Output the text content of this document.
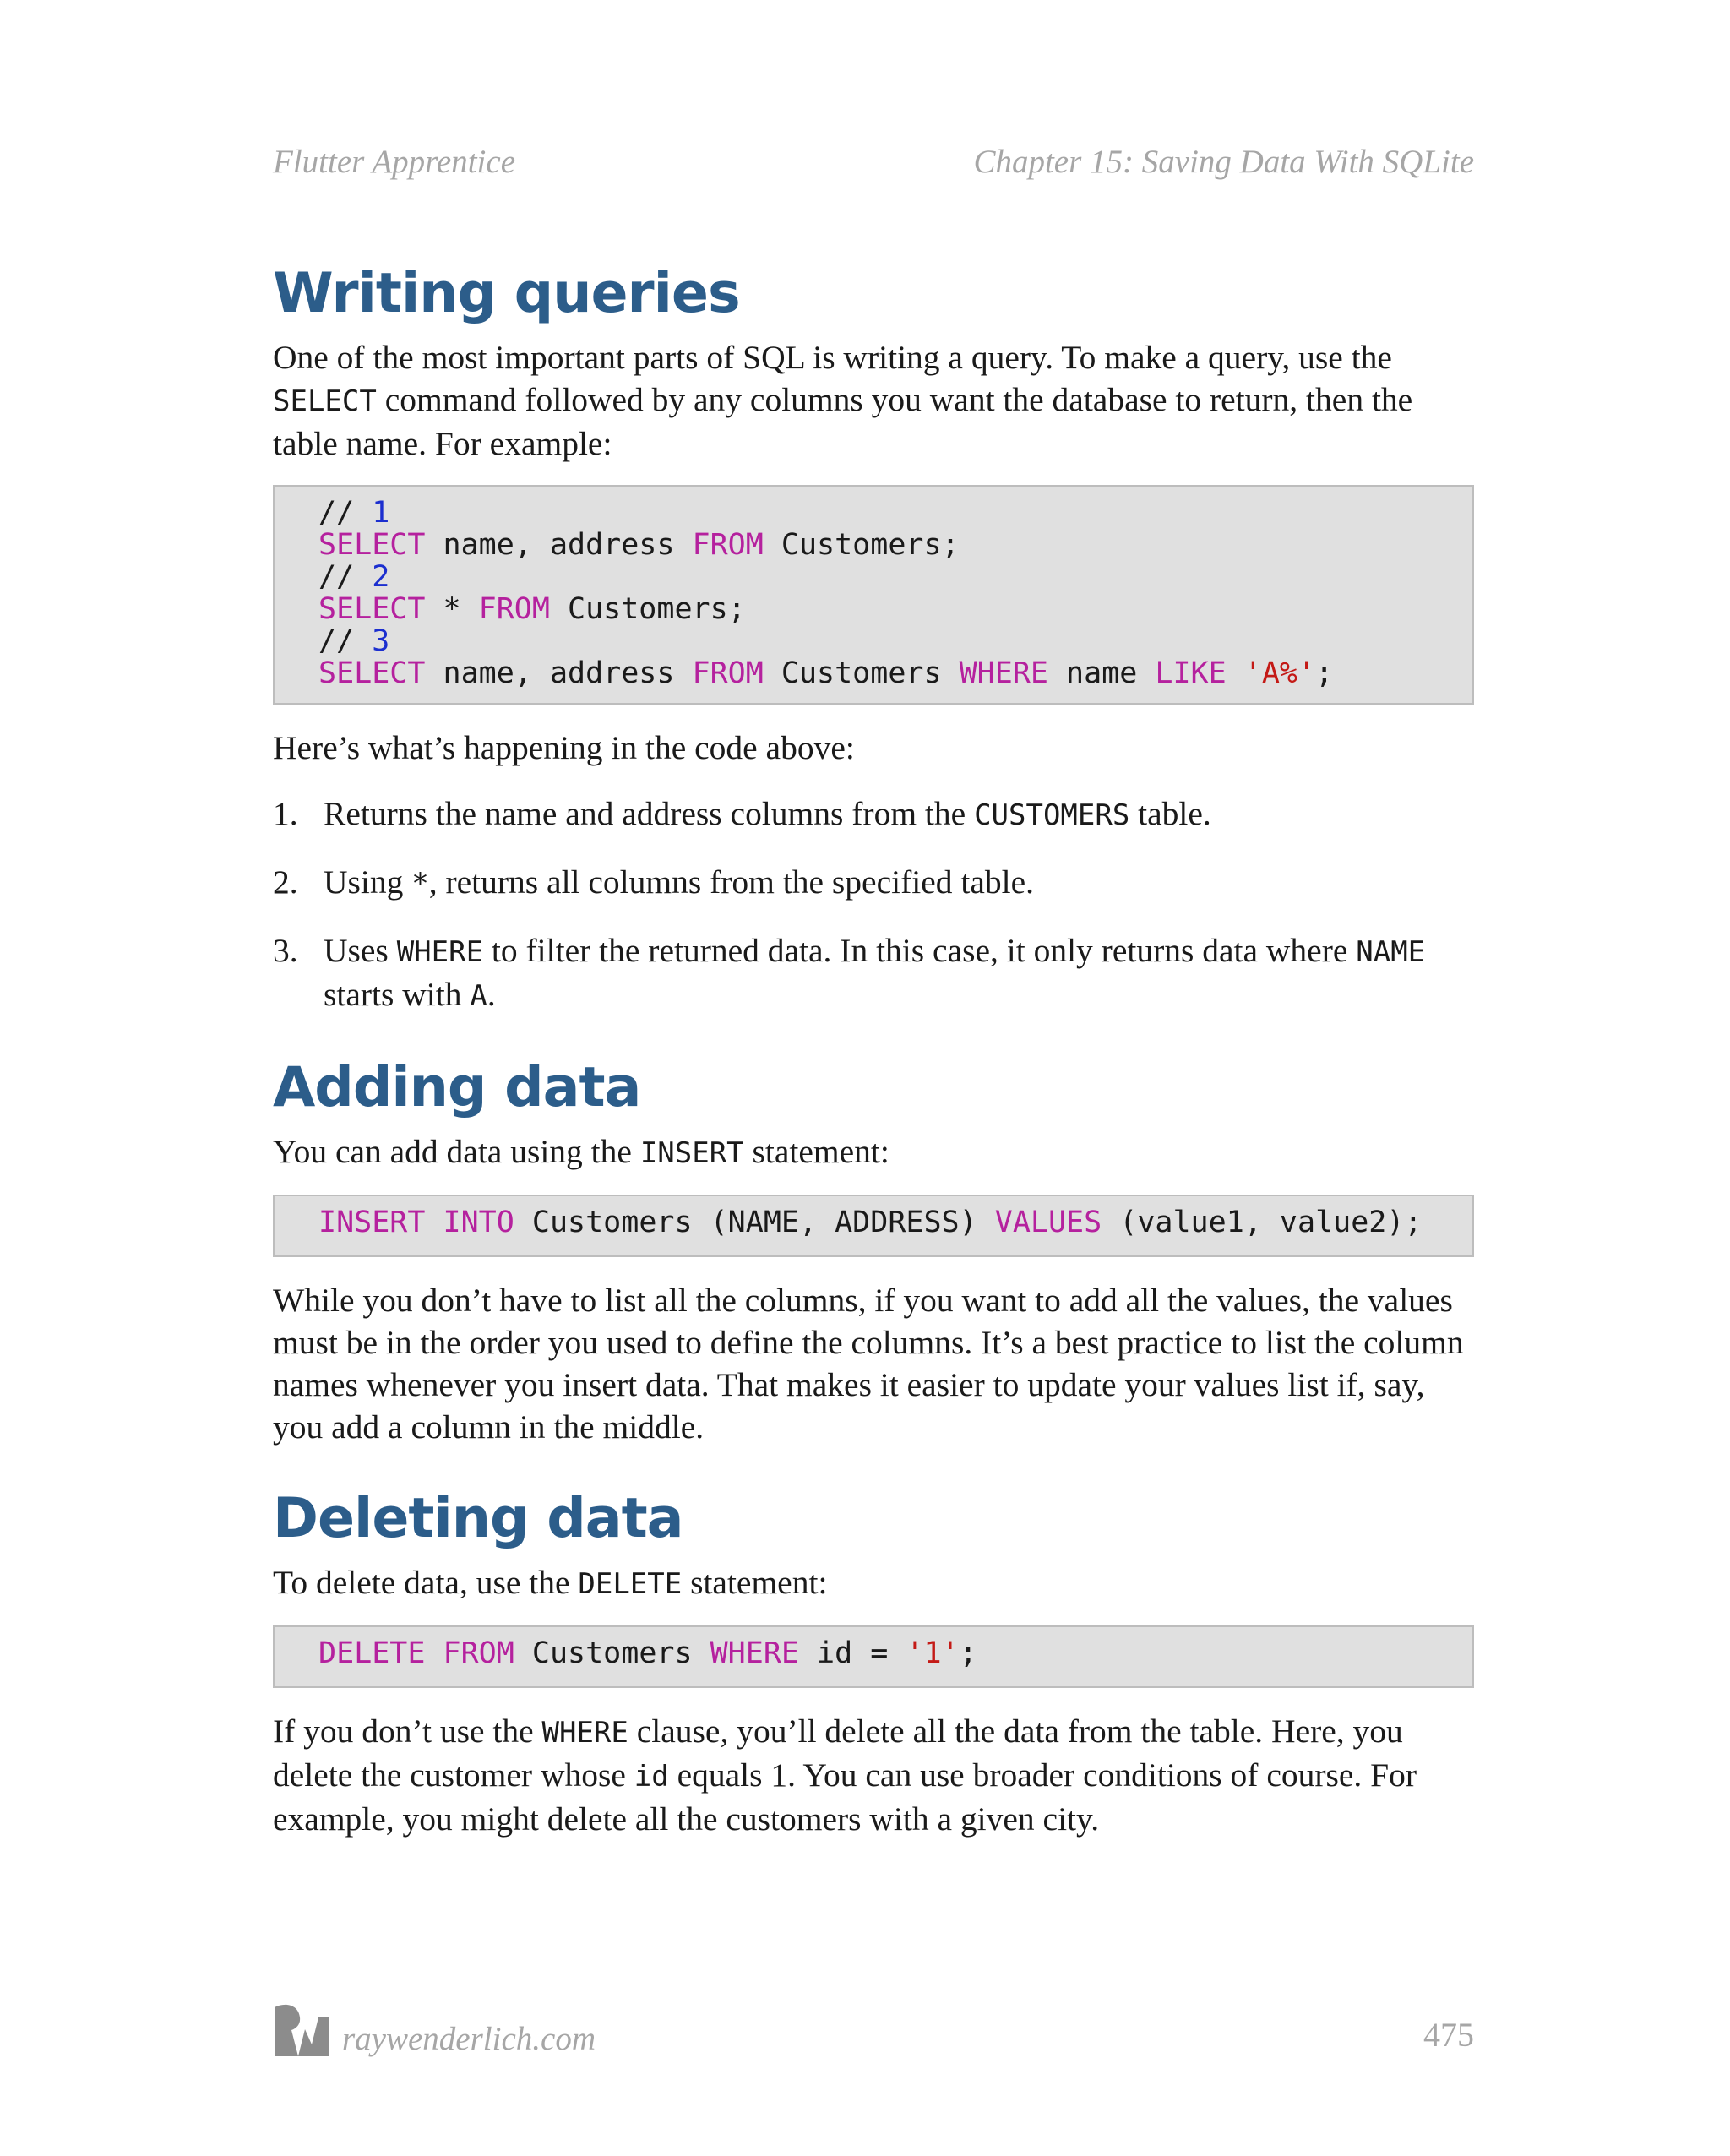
Flutter Apprentice	Chapter 15: Saving Data With SQLite
Writing queries

One of the most important parts of SQL is writing a query. To make a query, use the SELECT command followed by any columns you want the database to return, then the table name. For example:

// 1
SELECT name, address FROM Customers;
// 2
SELECT * FROM Customers;
// 3
SELECT name, address FROM Customers WHERE name LIKE 'A%';

Here’s what’s happening in the code above:

1. Returns the name and address columns from the CUSTOMERS table.
2. Using *, returns all columns from the specified table.
3. Uses WHERE to filter the returned data. In this case, it only returns data where NAME starts with A.
Adding data

You can add data using the INSERT statement:

INSERT INTO Customers (NAME, ADDRESS) VALUES (value1, value2);

While you don’t have to list all the columns, if you want to add all the values, the values must be in the order you used to define the columns. It’s a best practice to list the column names whenever you insert data. That makes it easier to update your values list if, say, you add a column in the middle.

Deleting data

To delete data, use the DELETE statement:

DELETE FROM Customers WHERE id = '1';

If you don’t use the WHERE clause, you’ll delete all the data from the table. Here, you delete the customer whose id equals 1. You can use broader conditions of course. For example, you might delete all the customers with a given city.

raywenderlich.com	475
